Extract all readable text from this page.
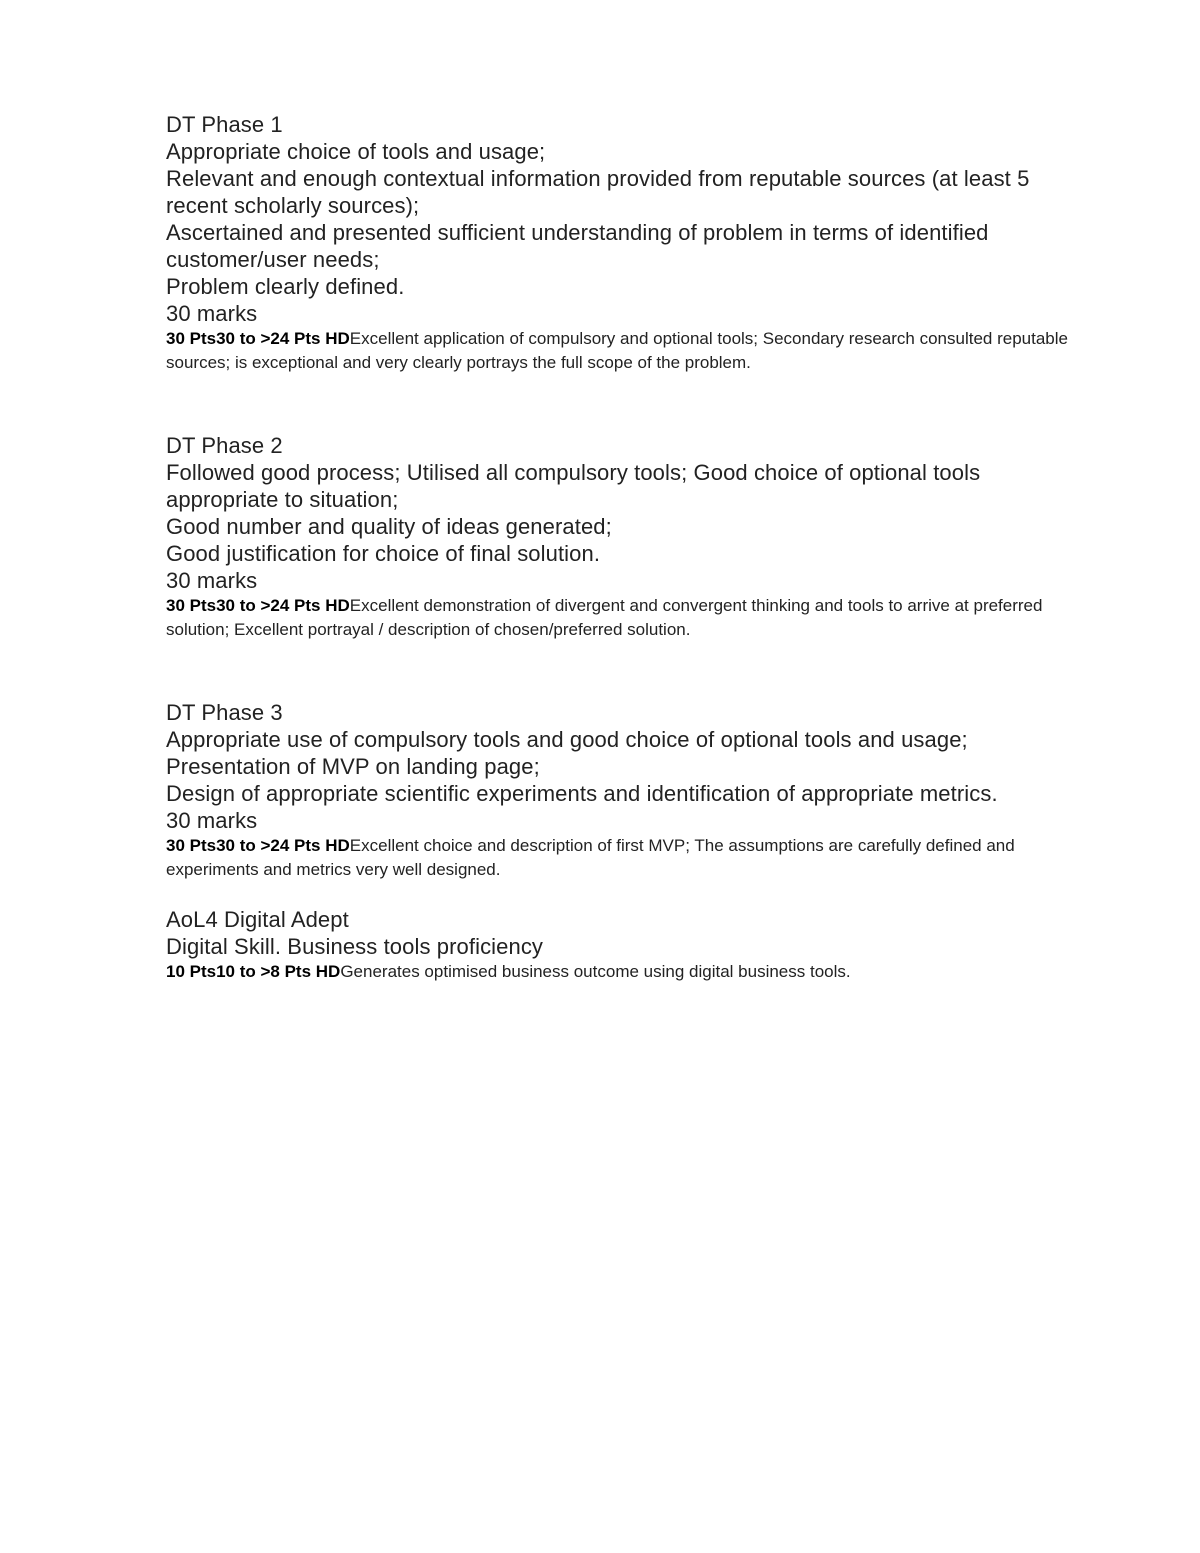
DT Phase 1

Appropriate choice of tools and usage;

Relevant and enough contextual information provided from reputable sources (at least 5 recent scholarly sources);

Ascertained and presented sufficient understanding of problem in terms of identified customer/user needs;

Problem clearly defined.

30 marks

30 Pts30 to >24 Pts HDExcellent application of compulsory and optional tools; Secondary research consulted reputable sources; is exceptional and very clearly portrays the full scope of the problem.

DT Phase 2

Followed good process; Utilised all compulsory tools; Good choice of optional tools appropriate to situation;

Good number and quality of ideas generated;

Good justification for choice of final solution.

30 marks

30 Pts30 to >24 Pts HDExcellent demonstration of divergent and convergent thinking and tools to arrive at preferred solution; Excellent portrayal / description of chosen/preferred solution.

DT Phase 3

Appropriate use of compulsory tools and good choice of optional tools and usage;

Presentation of MVP on landing page;

Design of appropriate scientific experiments and identification of appropriate metrics.

30 marks

30 Pts30 to >24 Pts HDExcellent choice and description of first MVP; The assumptions are carefully defined and experiments and metrics very well designed.

AoL4 Digital Adept

Digital Skill. Business tools proficiency

10 Pts10 to >8 Pts HDGenerates optimised business outcome using digital business tools.
